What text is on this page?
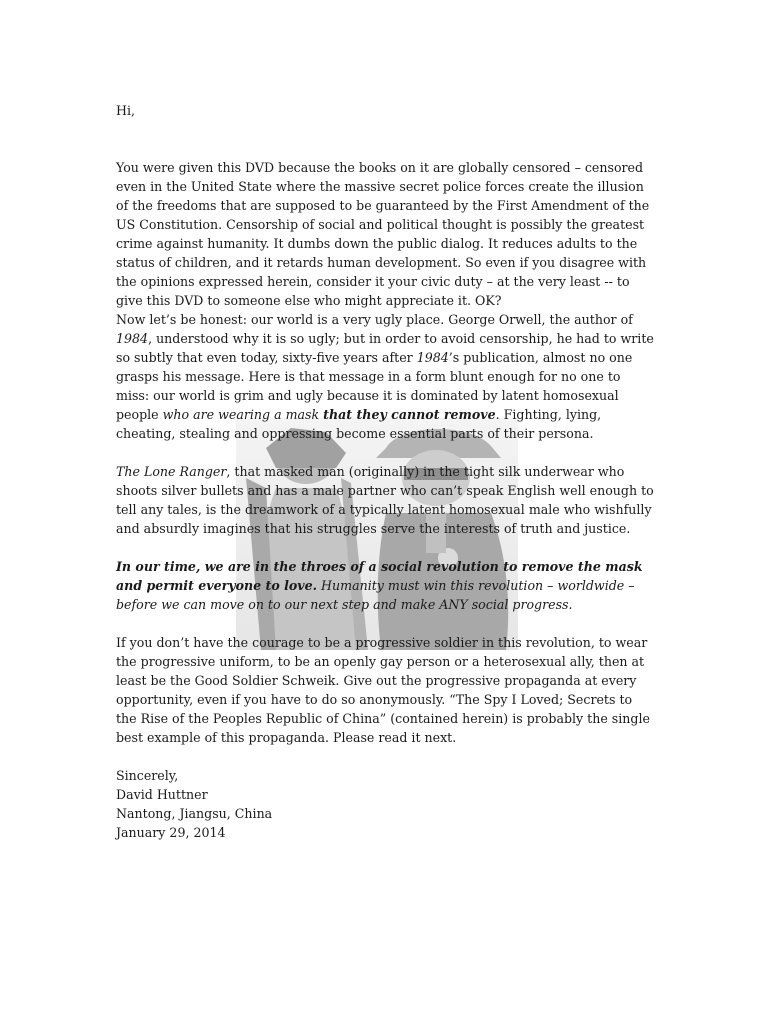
Hi,

You were given this DVD because the books on it are globally censored – censored even in the United State where the massive secret police forces create the illusion of the freedoms that are supposed to be guaranteed by the First Amendment of the US Constitution. Censorship of social and political thought is possibly the greatest crime against humanity. It dumbs down the public dialog. It reduces adults to the status of children, and it retards human development. So even if you disagree with the opinions expressed herein, consider it your civic duty – at the very least -- to give this DVD to someone else who might appreciate it. OK?
Now let’s be honest: our world is a very ugly place. George Orwell, the author of 1984, understood why it is so ugly; but in order to avoid censorship, he had to write so subtly that even today, sixty-five years after 1984’s publication, almost no one grasps his message. Here is that message in a form blunt enough for no one to miss: our world is grim and ugly because it is dominated by latent homosexual people who are wearing a mask that they cannot remove. Fighting, lying, cheating, stealing and oppressing become essential parts of their persona.

The Lone Ranger, that masked man (originally) in the tight silk underwear who shoots silver bullets and has a male partner who can’t speak English well enough to tell any tales, is the dreamwork of a typically latent homosexual male who wishfully and absurdly imagines that his struggles serve the interests of truth and justice.

In our time, we are in the throes of a social revolution to remove the mask and permit everyone to love. Humanity must win this revolution – worldwide – before we can move on to our next step and make ANY social progress.

If you don’t have the courage to be a progressive soldier in this revolution, to wear the progressive uniform, to be an openly gay person or a heterosexual ally, then at least be the Good Soldier Schweik. Give out the progressive propaganda at every opportunity, even if you have to do so anonymously. “The Spy I Loved; Secrets to the Rise of the Peoples Republic of China” (contained herein) is probably the single best example of this propaganda. Please read it next.

Sincerely,
David Huttner
Nantong, Jiangsu, China
January 29, 2014
